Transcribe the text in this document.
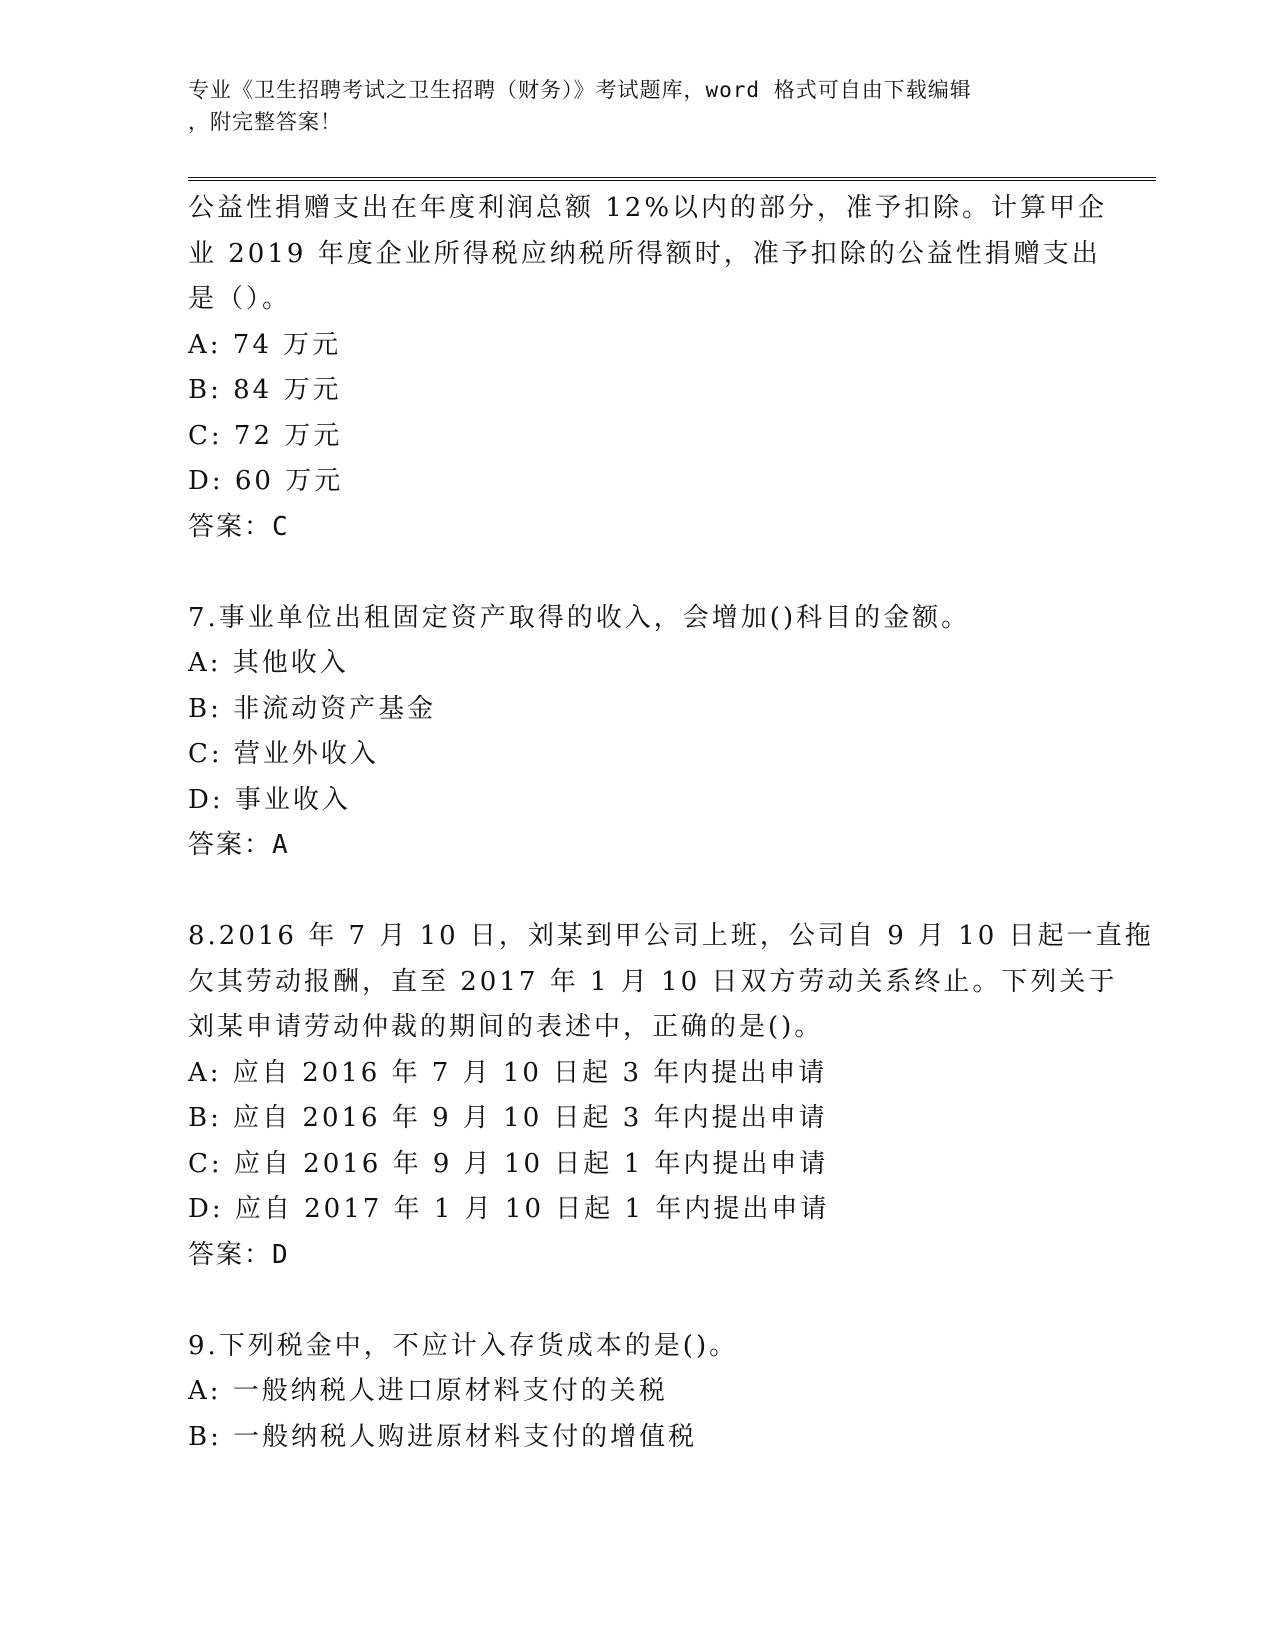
专业《卫生招聘考试之卫生招聘（财务）》考试题库，word 格式可自由下载编辑
，附完整答案！
公益性捐赠支出在年度利润总额 12%以内的部分，准予扣除。计算甲企
业 2019 年度企业所得税应纳税所得额时，准予扣除的公益性捐赠支出
是（）。
A: 74 万元
B: 84 万元
C: 72 万元
D: 60 万元
答案：C
7.事业单位出租固定资产取得的收入，会增加()科目的金额。
A: 其他收入
B: 非流动资产基金
C: 营业外收入
D: 事业收入
答案：A
8.2016 年 7 月 10 日，刘某到甲公司上班，公司自 9 月 10 日起一直拖
欠其劳动报酬，直至 2017 年 1 月 10 日双方劳动关系终止。下列关于
刘某申请劳动仲裁的期间的表述中，正确的是()。
A: 应自 2016 年 7 月 10 日起 3 年内提出申请
B: 应自 2016 年 9 月 10 日起 3 年内提出申请
C: 应自 2016 年 9 月 10 日起 1 年内提出申请
D: 应自 2017 年 1 月 10 日起 1 年内提出申请
答案：D
9.下列税金中，不应计入存货成本的是()。
A: 一般纳税人进口原材料支付的关税
B: 一般纳税人购进原材料支付的增值税
